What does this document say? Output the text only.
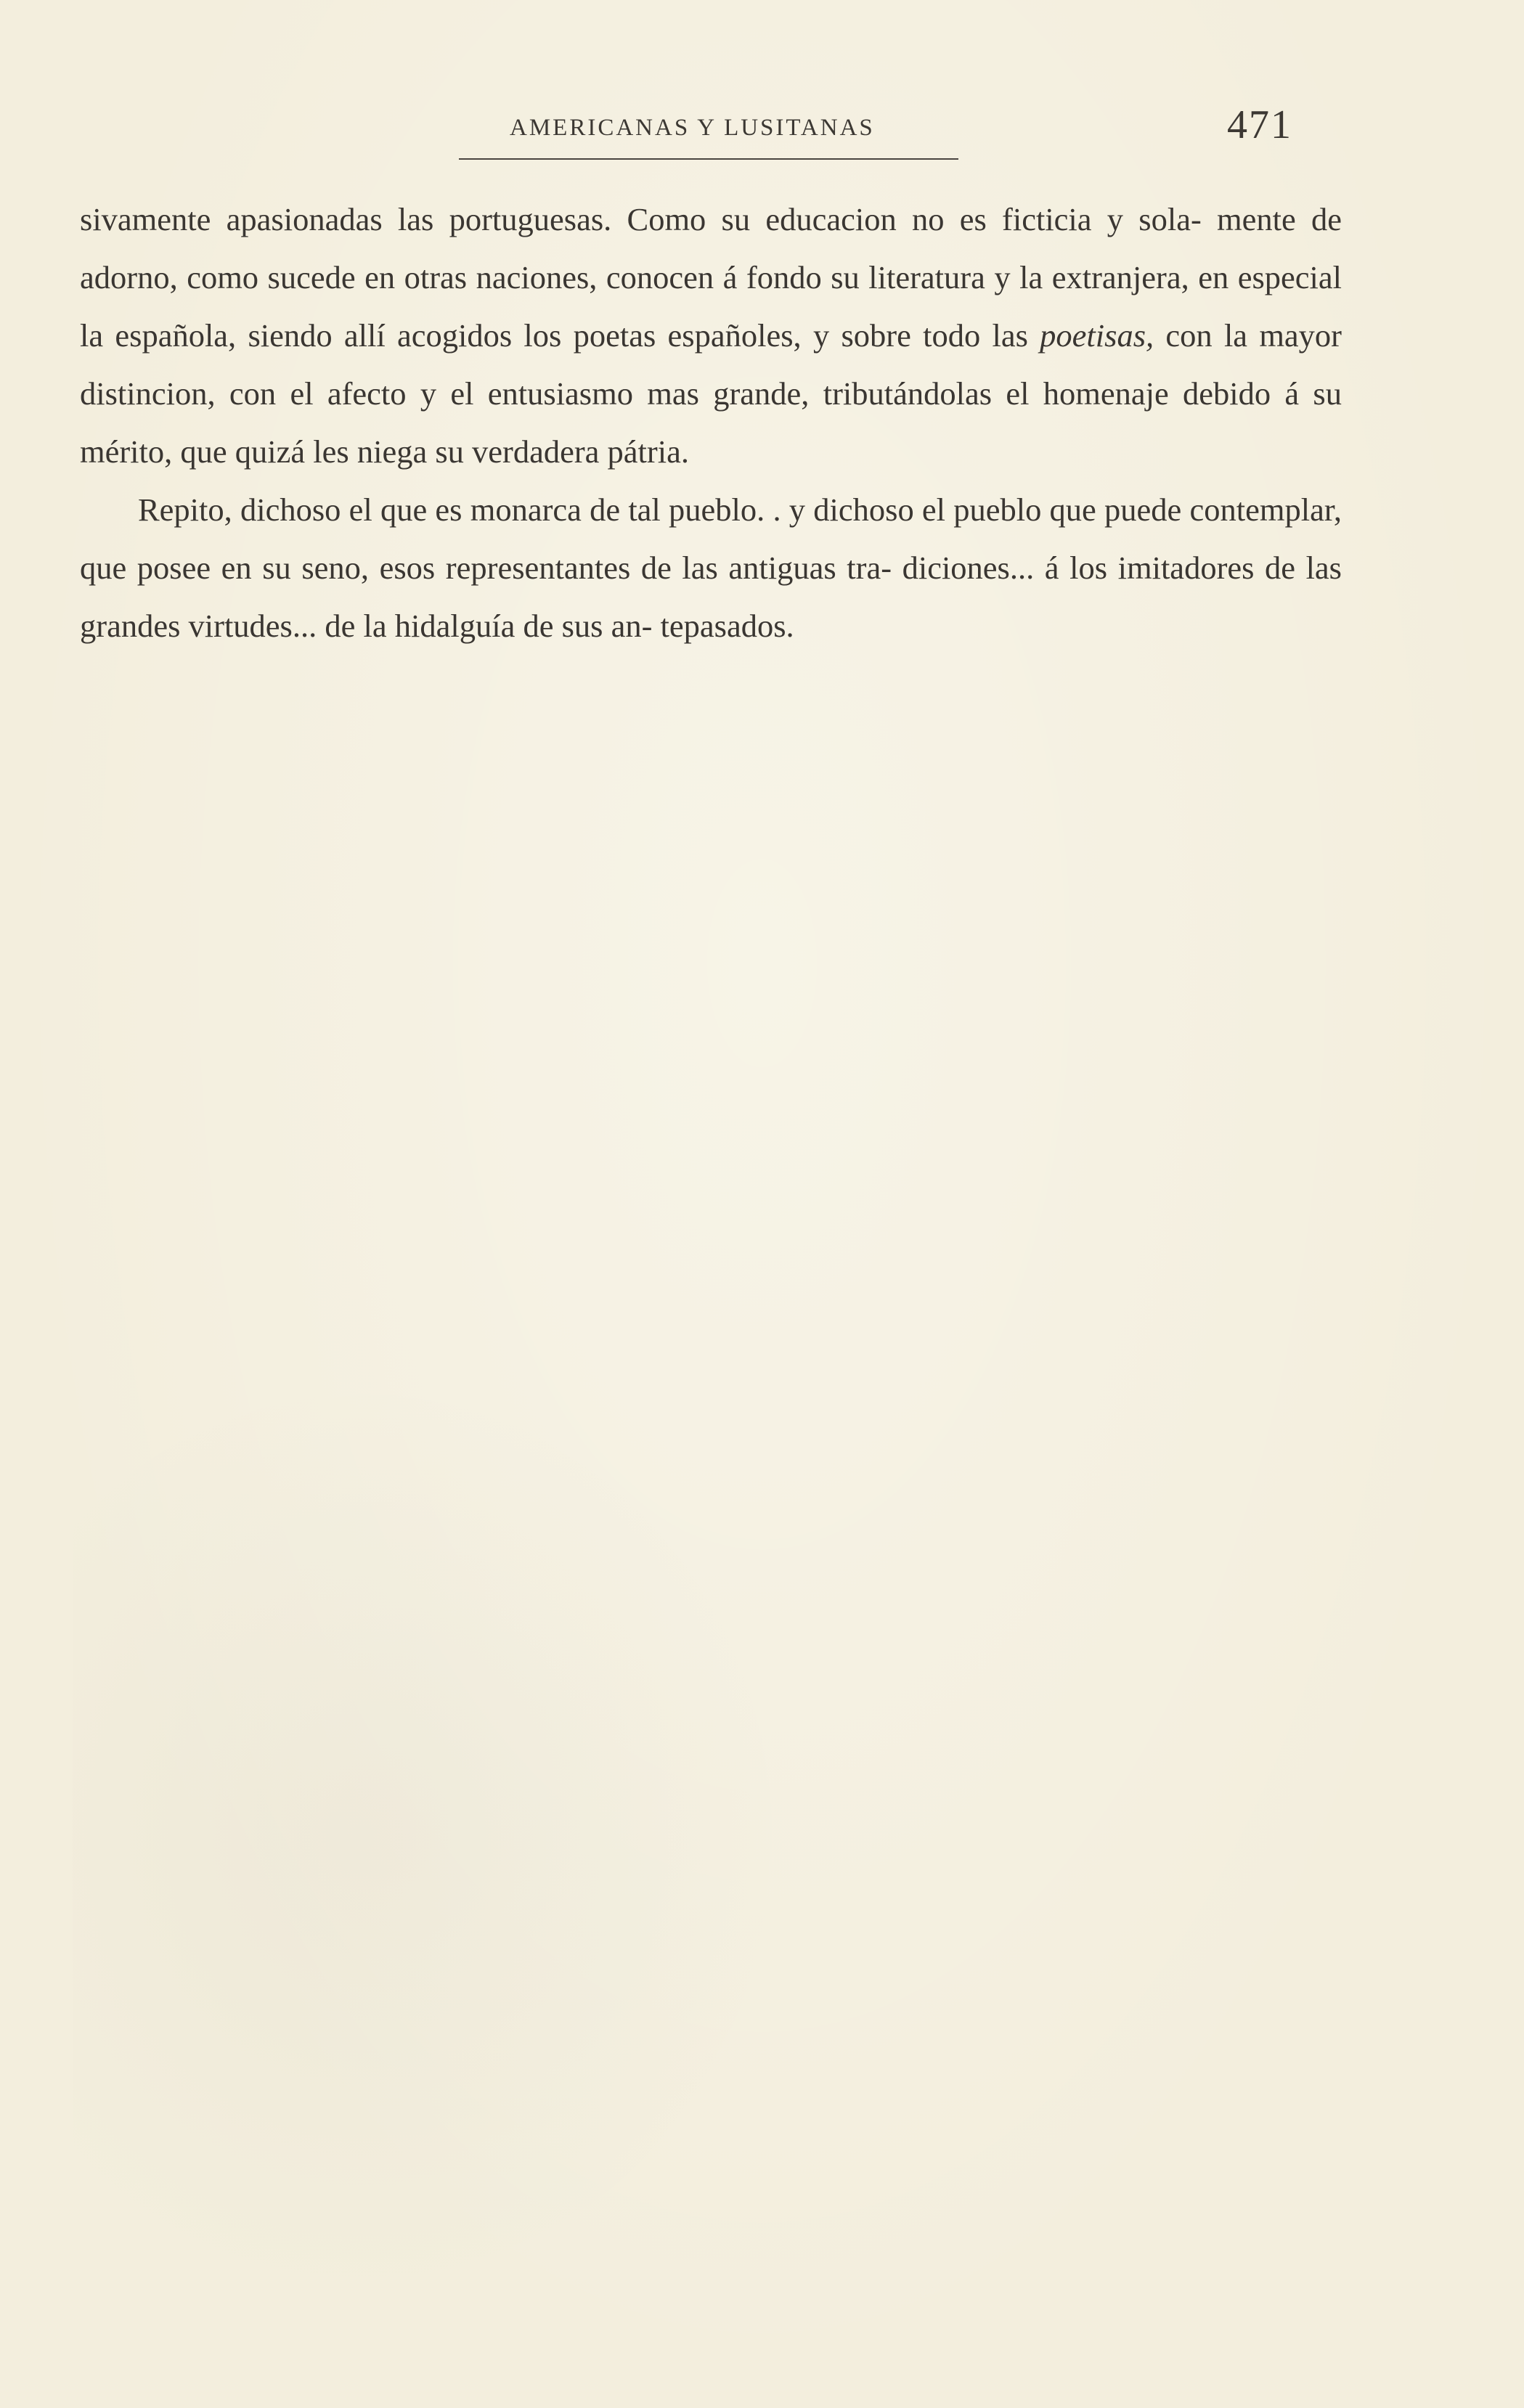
AMERICANAS Y LUSITANAS	471

sivamente apasionadas las portuguesas. Como su educacion no es ficticia y sola- mente de adorno, como sucede en otras naciones, conocen á fondo su literatura y la extranjera, en especial la española, siendo allí acogidos los poetas españoles, y sobre todo las poetisas, con la mayor distincion, con el afecto y el entusiasmo mas grande, tributándolas el homenaje debido á su mérito, que quizá les niega su verdadera pátria.

Repito, dichoso el que es monarca de tal pueblo. . y dichoso el pueblo que puede contemplar, que posee en su seno, esos representantes de las antiguas tra- diciones... á los imitadores de las grandes virtudes... de la hidalguía de sus an- tepasados.
